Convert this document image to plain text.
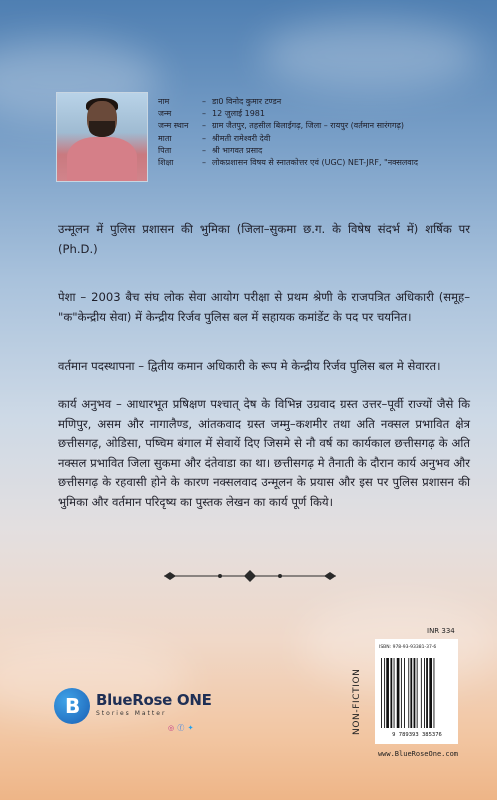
नाम	– डा0 विनोद कुमार टण्डन
जन्म	– 12 जुलाई 1981
जन्म स्थान	– ग्राम जैतपुर, तहसील बिलाईगढ़, जिला – रायपुर (वर्तमान सारंगगढ़)
माता	– श्रीमती रामेश्वरी देवी
पिता	– श्री भागवत प्रसाद
शिक्षा	– लोकप्रशासन विषय से स्नातकोत्तर एवं (UGC) NET-JRF, "नक्सलवाद

उन्मूलन में पुलिस प्रशासन की भुमिका (जिला–सुकमा छ.ग. के विषेष संदर्भ में) शर्षिक पर (Ph.D.)

पेशा – 2003 बैच संघ लोक सेवा आयोग परीक्षा से प्रथम श्रेणी के राजपत्रित अधिकारी (समूह– "क"केन्द्रीय सेवा) में केन्द्रीय रिर्जव पुलिस बल में सहायक कमांडेंट के पद पर चयनित।

वर्तमान पदस्थापना – द्वितीय कमान अधिकारी के रूप मे केन्द्रीय रिर्जव पुलिस बल मे सेवारत।

कार्य अनुभव – आधारभूत प्रषिक्षण पश्चात् देष के विभिन्न उग्रवाद ग्रस्त उत्तर–पूर्वी राज्यों जैसे कि मणिपुर, असम और नागालैण्ड, आंतकवाद ग्रस्त जम्मु–कशमीर तथा अति नक्सल प्रभावित क्षेत्र छत्तीसगढ़, ओडिसा, पष्चिम बंगाल में सेवायें दिए जिसमे से नौ वर्ष का कार्यकाल छत्तीसगढ़ के अति नक्सल प्रभावित जिला सुकमा और दंतेवाडा का था। छत्तीसगढ़ मे तैनाती के दौरान कार्य अनुभव और छत्तीसगढ़ के रहवासी होने के कारण नक्सलवाद उन्मूलन के प्रयास और इस पर पुलिस प्रशासन की भुमिका और वर्तमान परिदृष्य का पुस्तक लेखन का कार्य पूर्ण किये।

B BlueRose ONE
Stories Matter
◎ ⓕ ✦
INR 334
ISBN: 978-93-93381-37-6
9 789393 385376
NON-FICTION
www.BlueRoseOne.com
